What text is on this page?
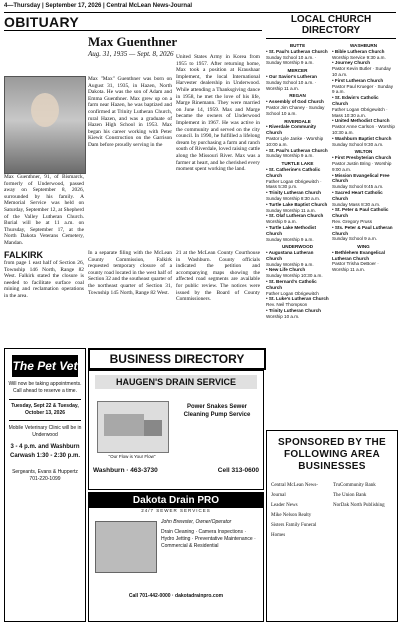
4—Thursday | September 17, 2026 | Central McLean News-Journal
OBITUARY
Max Guenthner
Aug. 31, 1935 — Sept. 8, 2026
Max Guenthner, 91, of Bismarck, formerly of Underwood, passed away on September 8, 2026, surrounded by his family. A Memorial Service was held on Saturday, September 12, at Shepherd of the Valley Lutheran Church. Burial will be at 11 a.m. on Thursday, September 17, at the North Dakota Veterans Cemetery, Mandan.
Max "Max" Guenthner was born on August 31, 1935, in Hazen, North Dakota. He was the son of Adam and Emma Guenthner. Max grew up on a farm near Hazen, he was baptized and confirmed at Trinity Lutheran Church, rural Hazen, and was a graduate of Hazen High School in 1953. Max began his career working with Peter Kiewit Construction on the Garrison Dam before proudly serving in the
United States Army in Korea from 1955 to 1957. After returning home, Max took a position at Kraushaar Implement, the local International Harvester dealership in Underwood. While attending a Thanksgiving dance in 1958, he met the love of his life, Marge Rinemann. They were married on June 14, 1959. Max and Marge became the owners of Underwood Implement in 1967. He was active in the community and served on the city council. In 1990, he fulfilled a lifelong dream by purchasing a farm and ranch south of Riverdale, loved raising cattle along the Missouri River. Max was a farmer at heart, and he cherished every moment spent working the land.
FALKIRK
from page 1 east half of Section 26, Township 146 North, Range 82 West. Falkirk stated the closure is needed to facilitate surface coal mining and reclamation operations in the area.
In a separate filing with the McLean County Commission, Falkirk requested temporary closure of a county road located in the west half of Section 32 and the southeast quarter of the northeast quarter of Section 31, Township 145 North, Range 82 West.
21 at the McLean County Courthouse in Washburn. County officials indicated the petition and accompanying maps showing the affected road segments are available for public review. The notices were issued by the Board of County Commissioners.
BUSINESS DIRECTORY
The Pet Vet
Will now be taking appointments. Call ahead to reserve a time.
Tuesday, Sept 22 & Tuesday, October 13, 2026
Mobile Veterinary Clinic will be in Underwood
3 - 4 p.m. and Washburn Carwash 1:30 - 2:30 p.m.
Sergeants, Evans & Huppertz 701-220-1099
HAUGEN'S DRAIN SERVICE
"Our Flow is Your Flow"
Power Snakes Sewer Cleaning Pump Service
Washburn · 463-3730	Cell 313-0600
Dakota Drain PRO
24/7 SEWER SERVICES
John Brewster, Owner/Operator
Drain Cleaning · Camera Inspections · Hydro Jetting · Preventative Maintenance · Commercial & Residential
Call 701-442-0000 · dakotadrainpro.com
LOCAL CHURCH DIRECTORY
BUTTE
• St. Paul's Lutheran Church
Sunday School 10 a.m. · Sunday Worship 9 a.m.
MERCER
• Our Savior's Lutheran
Sunday School 10 a.m. · Worship 11 a.m.
REGAN
• Assembly of God Church
Pastor Jim Chaney · Sunday School 10 a.m.
RIVERDALE
• Riverdale Community Church
Pastor Lyle Janke · Worship 10:00 a.m.
• St. Paul's Lutheran Church
Sunday Worship 9 a.m.
TURTLE LAKE
• St. Catherine's Catholic Church
Father Logan Obrigewitch · Mass 5:30 p.m.
• Trinity Lutheran Church
Sunday Worship 8:30 a.m.
• Turtle Lake Baptist Church
Sunday Worship 11 a.m.
• St. Olaf Lutheran Church
Worship 9 a.m.
• Turtle Lake Methodist Church
Sunday Worship 9 a.m.
UNDERWOOD
• Augustana Lutheran Church
Sunday Worship 9 a.m.
• New Life Church
Sunday Worship 10:30 a.m.
• St. Bernard's Catholic Church
Father Logan Obrigewitch
• St. Luke's Lutheran Church
Rev. Neil Thompson
• Trinity Lutheran Church
Worship 10 a.m.
WASHBURN
• Bible Lutheran Church
Worship Service 9:30 a.m.
• Journey Church
Pastor Kevin Butler · Sunday 10 a.m.
• First Lutheran Church
Pastor Paul Krueger · Sunday 9 a.m.
• St. Edwin's Catholic Church
Father Logan Obrigewitch · Mass 10:30 a.m.
• United Methodist Church
Pastor Anne Carlson · Worship 10:30 a.m.
• Washburn Baptist Church
Sunday School 9:30 a.m.
WILTON
• First Presbyterian Church
Pastor Justin Bring · Worship 9:00 a.m.
• Mission Evangelical Free Church
Sunday School 9:45 a.m.
• Sacred Heart Catholic Church
Sunday Mass 8:30 a.m.
• St. Peter & Paul Catholic Church
Rev. Gregory Pruss
• Sts. Peter & Paul Lutheran Church
Sunday School 9 a.m.
WING
• Bethlehem Evangelical Lutheran Church
Pastor Trisha DeBoer · Worship 11 a.m.
SPONSORED BY THE FOLLOWING AREA BUSINESSES
Central McLean News-Journal
Leader News
Mike Nelson Realty
Sisters Family Funeral Homes
TruCommunity Bank
The Union Bank
NorDak North Publishing
